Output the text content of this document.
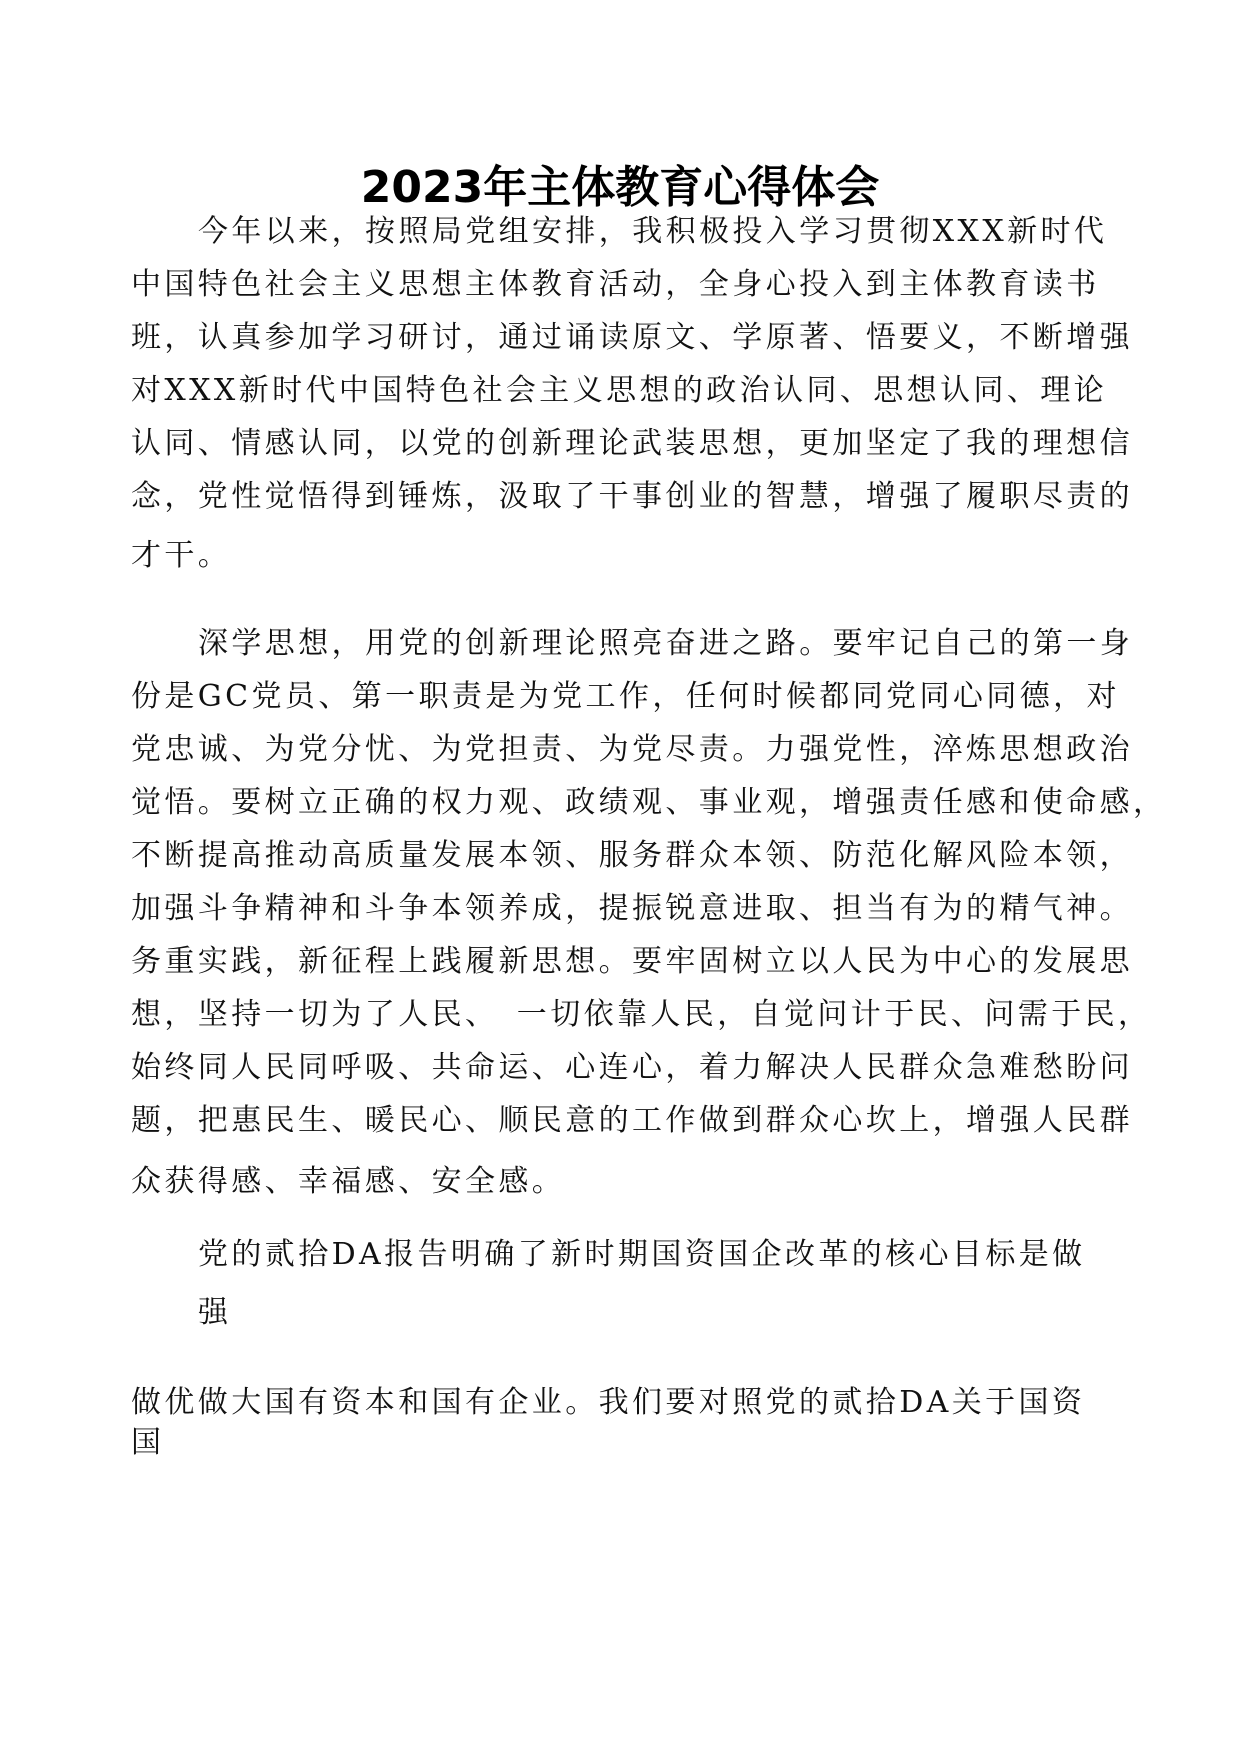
2023年主体教育心得体会
今年以来，按照局党组安排，我积极投入学习贯彻XXX新时代
中国特色社会主义思想主体教育活动，全身心投入到主体教育读书
班，认真参加学习研讨，通过诵读原文、学原著、悟要义，不断增强
对XXX新时代中国特色社会主义思想的政治认同、思想认同、理论
认同、情感认同，以党的创新理论武装思想，更加坚定了我的理想信
念，党性觉悟得到锤炼，汲取了干事创业的智慧，增强了履职尽责的
才干。
深学思想，用党的创新理论照亮奋进之路。要牢记自己的第一身
份是GC党员、第一职责是为党工作，任何时候都同党同心同德，对
党忠诚、为党分忧、为党担责、为党尽责。力强党性，淬炼思想政治
觉悟。要树立正确的权力观、政绩观、事业观，增强责任感和使命感，
不断提高推动高质量发展本领、服务群众本领、防范化解风险本领，
加强斗争精神和斗争本领养成，提振锐意进取、担当有为的精气神。
务重实践，新征程上践履新思想。要牢固树立以人民为中心的发展思
想，坚持一切为了人民、　一切依靠人民，自觉问计于民、问需于民，
始终同人民同呼吸、共命运、心连心，着力解决人民群众急难愁盼问
题，把惠民生、暖民心、顺民意的工作做到群众心坎上，增强人民群
众获得感、幸福感、安全感。
党的贰拾DA报告明确了新时期国资国企改革的核心目标是做
强
做优做大国有资本和国有企业。我们要对照党的贰拾DA关于国资
国
